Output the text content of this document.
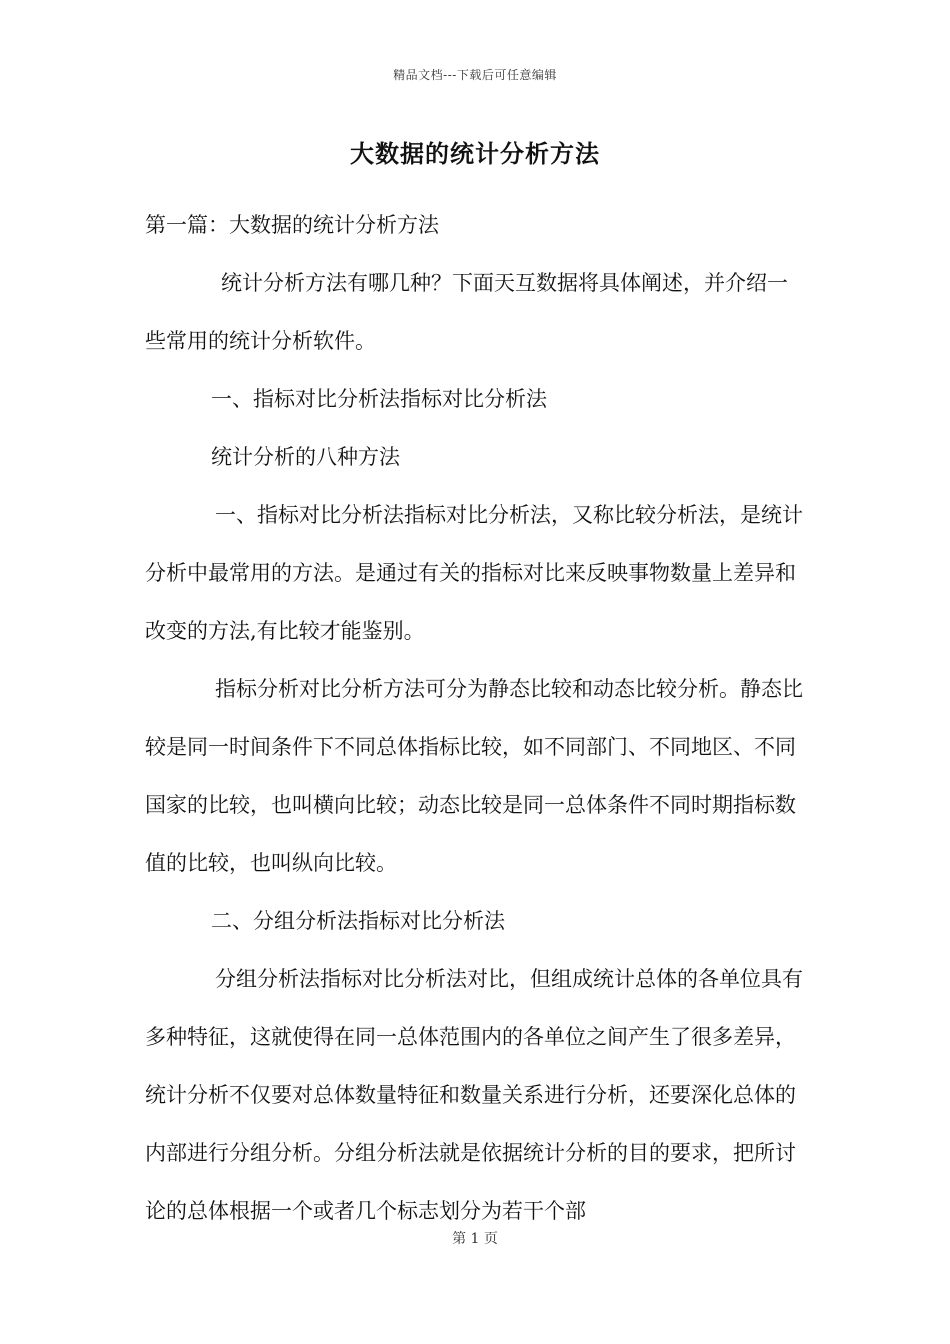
精品文档---下载后可任意编辑
大数据的统计分析方法

第一篇：大数据的统计分析方法

统计分析方法有哪几种？下面天互数据将具体阐述，并介绍一些常用的统计分析软件。

一、指标对比分析法指标对比分析法

统计分析的八种方法

一、指标对比分析法指标对比分析法，又称比较分析法，是统计分析中最常用的方法。是通过有关的指标对比来反映事物数量上差异和改变的方法,有比较才能鉴别。

指标分析对比分析方法可分为静态比较和动态比较分析。静态比较是同一时间条件下不同总体指标比较，如不同部门、不同地区、不同国家的比较，也叫横向比较；动态比较是同一总体条件不同时期指标数值的比较，也叫纵向比较。

二、分组分析法指标对比分析法

分组分析法指标对比分析法对比，但组成统计总体的各单位具有多种特征，这就使得在同一总体范围内的各单位之间产生了很多差异，统计分析不仅要对总体数量特征和数量关系进行分析，还要深化总体的内部进行分组分析。分组分析法就是依据统计分析的目的要求，把所讨论的总体根据一个或者几个标志划分为若干个部

第 1 页
